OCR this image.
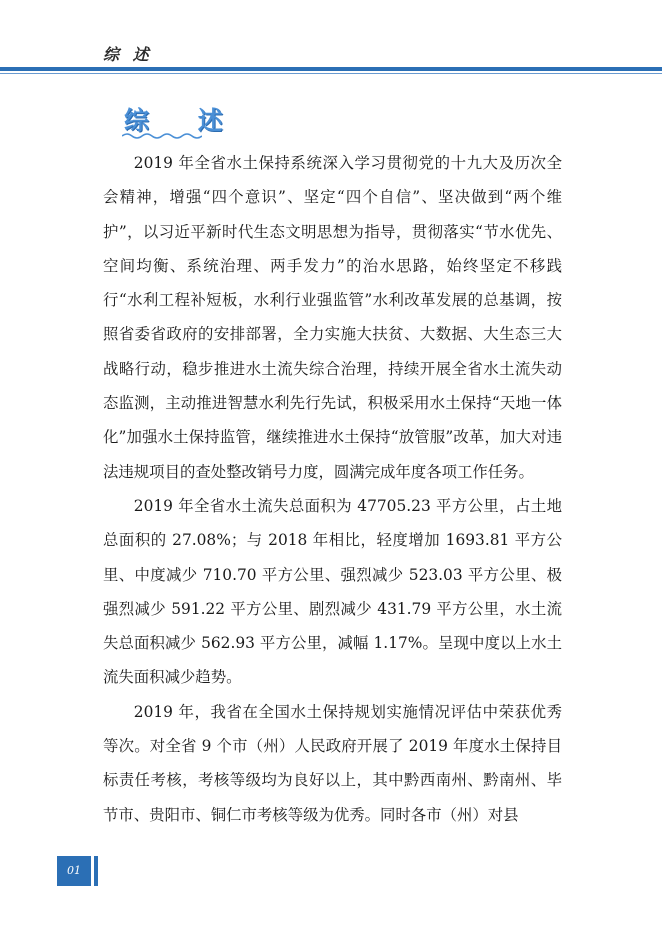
综 述
综 述

2019 年全省水土保持系统深入学习贯彻党的十九大及历次全会精神，增强“四个意识”、坚定“四个自信”、坚决做到“两个维护”，以习近平新时代生态文明思想为指导，贯彻落实“节水优先、空间均衡、系统治理、两手发力”的治水思路，始终坚定不移践行“水利工程补短板，水利行业强监管”水利改革发展的总基调，按照省委省政府的安排部署，全力实施大扶贫、大数据、大生态三大战略行动，稳步推进水土流失综合治理，持续开展全省水土流失动态监测，主动推进智慧水利先行先试，积极采用水土保持“天地一体化”加强水土保持监管，继续推进水土保持“放管服”改革，加大对违法违规项目的查处整改销号力度，圆满完成年度各项工作任务。

2019 年全省水土流失总面积为 47705.23 平方公里，占土地总面积的 27.08%；与 2018 年相比，轻度增加 1693.81 平方公里、中度减少 710.70 平方公里、强烈减少 523.03 平方公里、极强烈减少 591.22 平方公里、剧烈减少 431.79 平方公里，水土流失总面积减少 562.93 平方公里，减幅 1.17%。呈现中度以上水土流失面积减少趋势。

2019 年，我省在全国水土保持规划实施情况评估中荣获优秀等次。对全省 9 个市（州）人民政府开展了 2019 年度水土保持目标责任考核，考核等级均为良好以上，其中黔西南州、黔南州、毕节市、贵阳市、铜仁市考核等级为优秀。同时各市（州）对县

01
